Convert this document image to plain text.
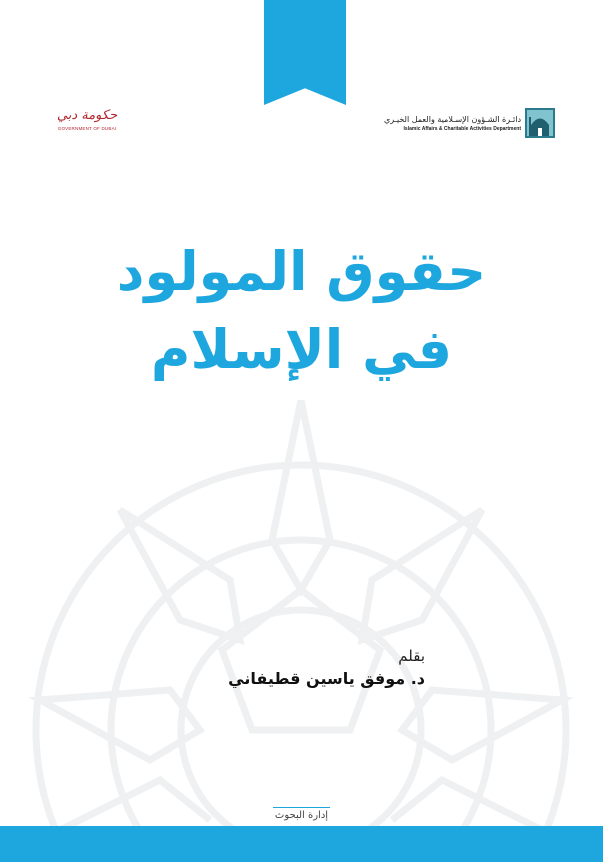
حكومة دبي
GOVERNMENT OF DUBAI
دائـرة الشـؤون الإسـلامية والعمل الخيـري
Islamic Affairs & Charitable Activities Department
حقوق المولود
في الإسلام
بقلم
د. موفق ياسين قطيفاني
إدارة البحوث
